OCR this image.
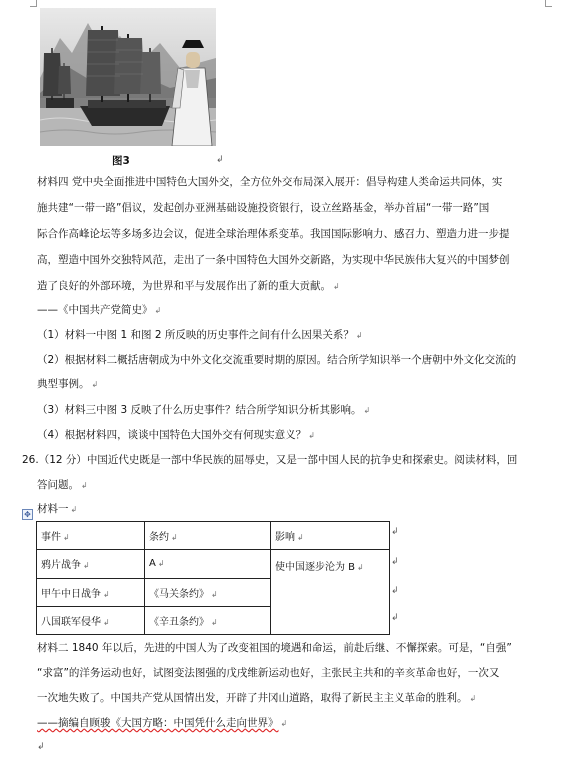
图3	↲
材料四 党中央全面推进中国特色大国外交，全方位外交布局深入展开：倡导构建人类命运共同体，实
施共建“一带一路”倡议，发起创办亚洲基础设施投资银行，设立丝路基金，举办首届“一带一路”国
际合作高峰论坛等多场多边会议，促进全球治理体系变革。我国国际影响力、感召力、塑造力进一步提
高，塑造中国外交独特风范，走出了一条中国特色大国外交新路，为实现中华民族伟大复兴的中国梦创
造了良好的外部环境，为世界和平与发展作出了新的重大贡献。 ↲
——《中国共产党简史》 ↲
（1）材料一中图 1 和图 2 所反映的历史事件之间有什么因果关系？ ↲
（2）根据材料二概括唐朝成为中外文化交流重要时期的原因。结合所学知识举一个唐朝中外文化交流的
典型事例。 ↲
（3）材料三中图 3 反映了什么历史事件？结合所学知识分析其影响。 ↲
（4）根据材料四，谈谈中国特色大国外交有何现实意义？ ↲
26.（12 分）中国近代史既是一部中华民族的屈辱史，又是一部中国人民的抗争史和探索史。阅读材料，回
答问题。 ↲
材料一 ↲
✥
事件 ↲	条约 ↲	影响 ↲
鸦片战争 ↲	A ↲	使中国逐步沦为 B ↲
甲午中日战争 ↲	《马关条约》 ↲	
八国联军侵华 ↲	《辛丑条约》 ↲	
↲
↲
↲
↲
材料二 1840 年以后，先进的中国人为了改变祖国的境遇和命运，前赴后继、不懈探索。可是，“自强”
“求富”的洋务运动也好，试图变法图强的戊戌维新运动也好，主张民主共和的辛亥革命也好，一次又
一次地失败了。中国共产党从国情出发，开辟了井冈山道路，取得了新民主主义革命的胜利。 ↲
——摘编自顾骏《大国方略：中国凭什么走向世界》 ↲
↲
